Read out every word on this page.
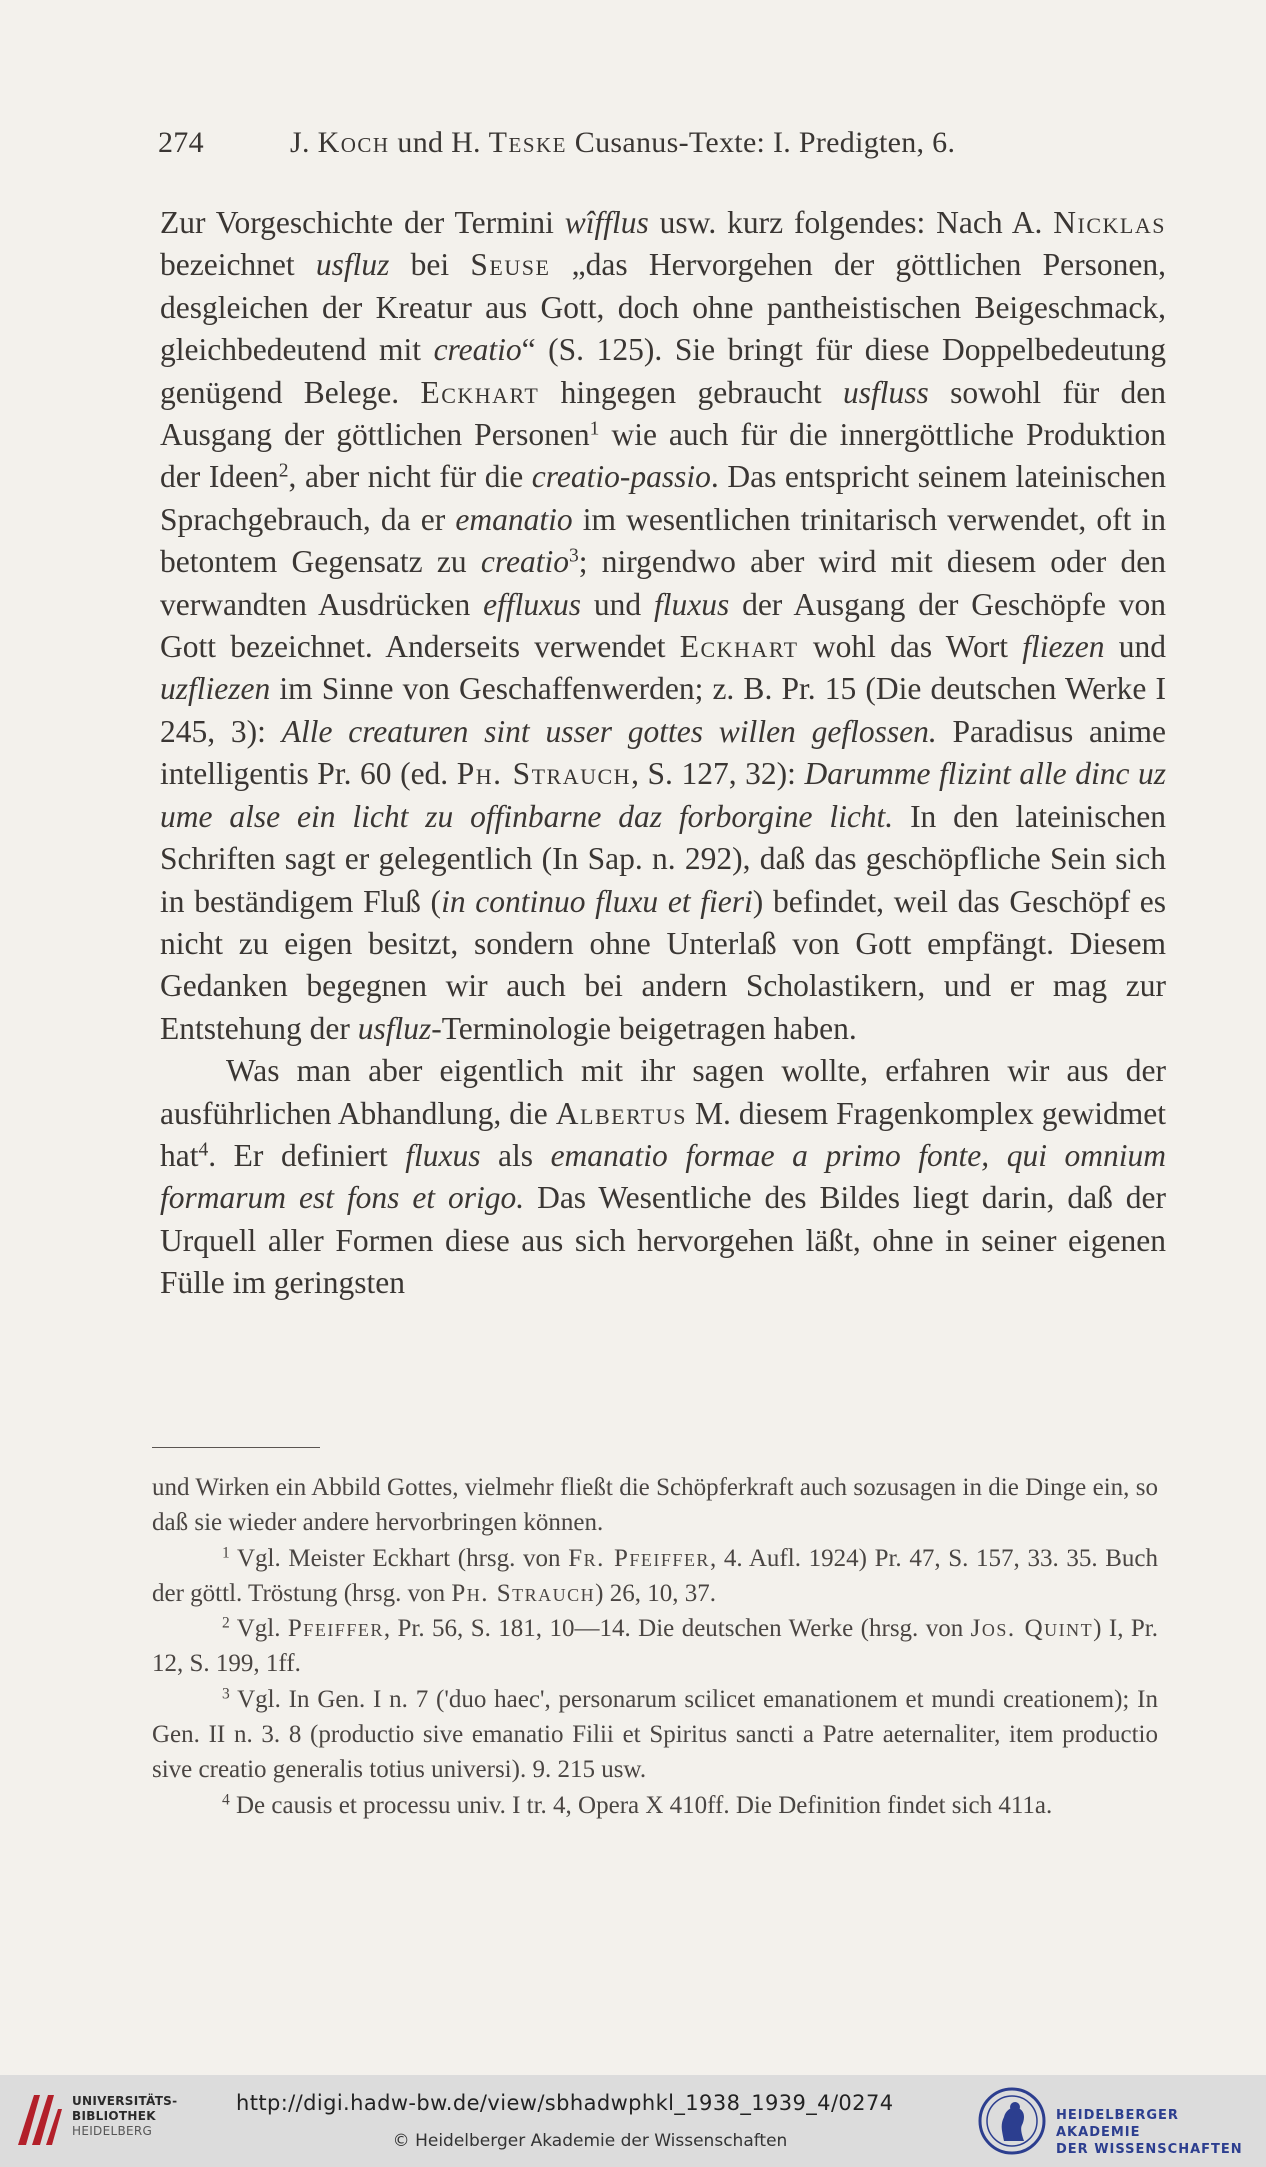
274	J. Koch und H. Teske Cusanus-Texte: I. Predigten, 6.

Zur Vorgeschichte der Termini wîfflus usw. kurz folgendes: Nach A. Nicklas bezeichnet usfluz bei Seuse „das Hervorgehen der göttlichen Personen, desgleichen der Kreatur aus Gott, doch ohne pantheistischen Beigeschmack, gleichbedeutend mit creatio“ (S. 125). Sie bringt für diese Doppelbedeutung genügend Belege. Eckhart hingegen gebraucht usfluss sowohl für den Ausgang der göttlichen Personen$^1$ wie auch für die innergöttliche Produktion der Ideen$^2$, aber nicht für die creatio-passio. Das entspricht seinem lateinischen Sprachgebrauch, da er emanatio im wesentlichen trinitarisch verwendet, oft in betontem Gegensatz zu creatio$^3$; nirgendwo aber wird mit diesem oder den verwandten Ausdrücken effluxus und fluxus der Ausgang der Geschöpfe von Gott bezeichnet. Anderseits verwendet Eckhart wohl das Wort fliezen und uzfliezen im Sinne von Geschaffenwerden; z. B. Pr. 15 (Die deutschen Werke I 245, 3): Alle creaturen sint usser gottes willen geflossen. Paradisus anime intelligentis Pr. 60 (ed. Ph. Strauch, S. 127, 32): Darumme flizint alle dinc uz ume alse ein licht zu offinbarne daz forborgine licht. In den lateinischen Schriften sagt er gelegentlich (In Sap. n. 292), daß das geschöpfliche Sein sich in beständigem Fluß (in continuo fluxu et fieri) befindet, weil das Geschöpf es nicht zu eigen besitzt, sondern ohne Unterlaß von Gott empfängt. Diesem Gedanken begegnen wir auch bei andern Scholastikern, und er mag zur Entstehung der usfluz-Terminologie beigetragen haben.

Was man aber eigentlich mit ihr sagen wollte, erfahren wir aus der ausführlichen Abhandlung, die Albertus M. diesem Fragenkomplex gewidmet hat$^4$. Er definiert fluxus als emanatio formae a primo fonte, qui omnium formarum est fons et origo. Das Wesentliche des Bildes liegt darin, daß der Urquell aller Formen diese aus sich hervorgehen läßt, ohne in seiner eigenen Fülle im geringsten

und Wirken ein Abbild Gottes, vielmehr fließt die Schöpferkraft auch sozusagen in die Dinge ein, so daß sie wieder andere hervorbringen können.

$^1$ Vgl. Meister Eckhart (hrsg. von Fr. Pfeiffer, 4. Aufl. 1924) Pr. 47, S. 157, 33. 35. Buch der göttl. Tröstung (hrsg. von Ph. Strauch) 26, 10, 37.

$^2$ Vgl. Pfeiffer, Pr. 56, S. 181, 10—14. Die deutschen Werke (hrsg. von Jos. Quint) I, Pr. 12, S. 199, 1ff.

$^3$ Vgl. In Gen. I n. 7 ('duo haec', personarum scilicet emanationem et mundi creationem); In Gen. II n. 3. 8 (productio sive emanatio Filii et Spiritus sancti a Patre aeternaliter, item productio sive creatio generalis totius universi). 9. 215 usw.

$^4$ De causis et processu univ. I tr. 4, Opera X 410ff. Die Definition findet sich 411a.

UNIVERSITÄTS-
BIBLIOTHEK
HEIDELBERG
http://digi.hadw-bw.de/view/sbhadwphkl_1938_1939_4/0274
© Heidelberger Akademie der Wissenschaften
HEIDELBERGER AKADEMIE
DER WISSENSCHAFTEN
